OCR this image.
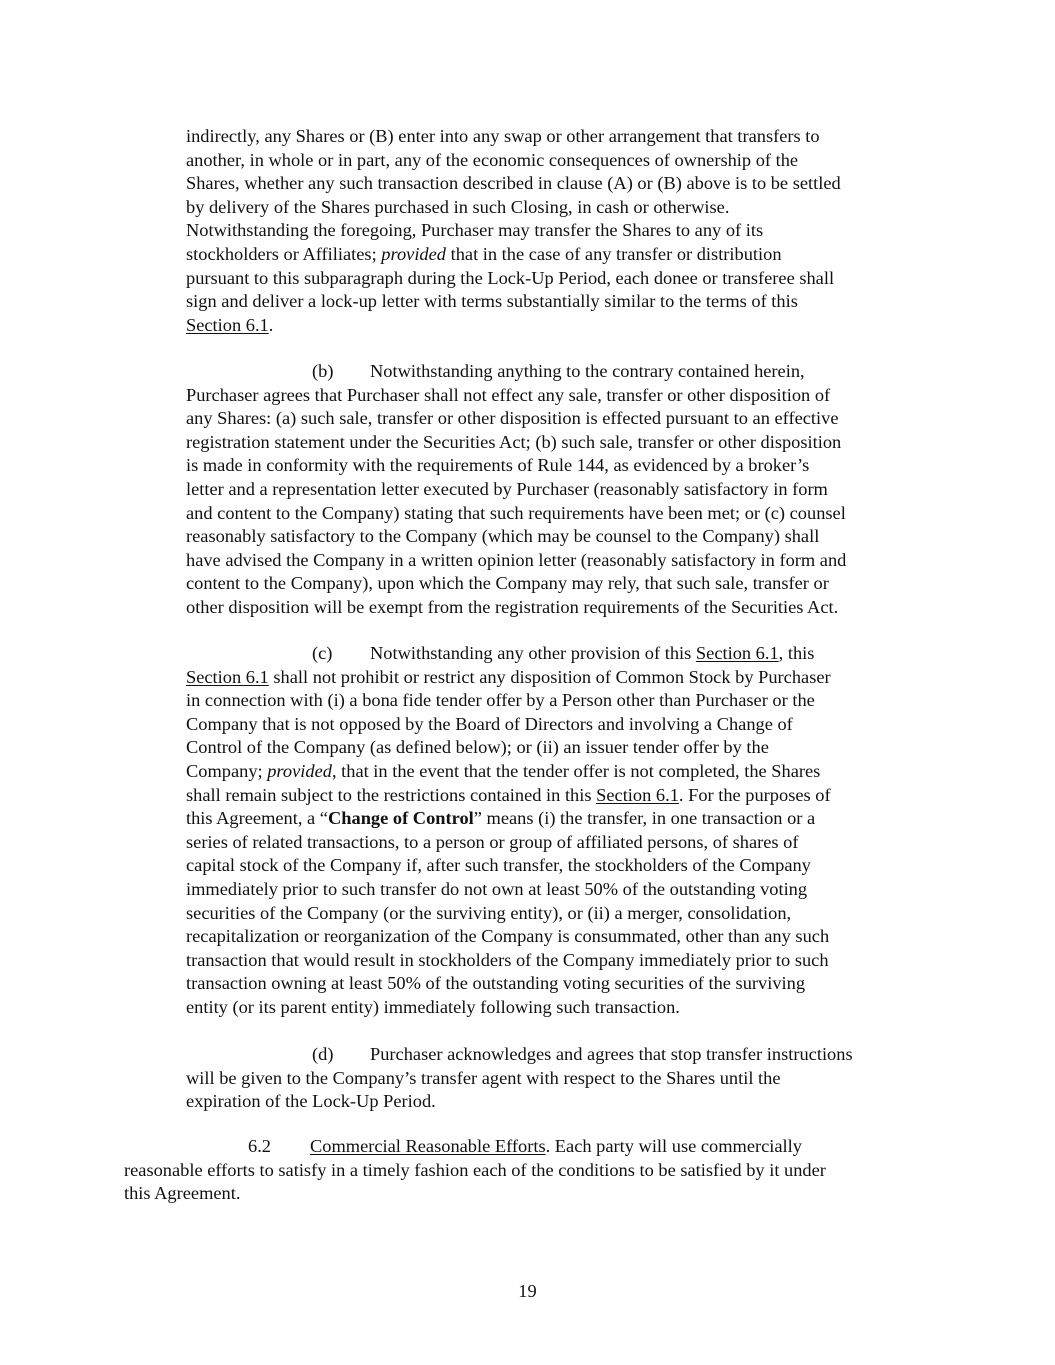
indirectly, any Shares or (B) enter into any swap or other arrangement that transfers to
another, in whole or in part, any of the economic consequences of ownership of the
Shares, whether any such transaction described in clause (A) or (B) above is to be settled
by delivery of the Shares purchased in such Closing, in cash or otherwise.
Notwithstanding the foregoing, Purchaser may transfer the Shares to any of its
stockholders or Affiliates; provided that in the case of any transfer or distribution
pursuant to this subparagraph during the Lock-Up Period, each donee or transferee shall
sign and deliver a lock-up letter with terms substantially similar to the terms of this
Section 6.1.
(b) Notwithstanding anything to the contrary contained herein,
Purchaser agrees that Purchaser shall not effect any sale, transfer or other disposition of
any Shares: (a) such sale, transfer or other disposition is effected pursuant to an effective
registration statement under the Securities Act; (b) such sale, transfer or other disposition
is made in conformity with the requirements of Rule 144, as evidenced by a broker’s
letter and a representation letter executed by Purchaser (reasonably satisfactory in form
and content to the Company) stating that such requirements have been met; or (c) counsel
reasonably satisfactory to the Company (which may be counsel to the Company) shall
have advised the Company in a written opinion letter (reasonably satisfactory in form and
content to the Company), upon which the Company may rely, that such sale, transfer or
other disposition will be exempt from the registration requirements of the Securities Act.
(c) Notwithstanding any other provision of this Section 6.1, this
Section 6.1 shall not prohibit or restrict any disposition of Common Stock by Purchaser
in connection with (i) a bona fide tender offer by a Person other than Purchaser or the
Company that is not opposed by the Board of Directors and involving a Change of
Control of the Company (as defined below); or (ii) an issuer tender offer by the
Company; provided, that in the event that the tender offer is not completed, the Shares
shall remain subject to the restrictions contained in this Section 6.1. For the purposes of
this Agreement, a “Change of Control” means (i) the transfer, in one transaction or a
series of related transactions, to a person or group of affiliated persons, of shares of
capital stock of the Company if, after such transfer, the stockholders of the Company
immediately prior to such transfer do not own at least 50% of the outstanding voting
securities of the Company (or the surviving entity), or (ii) a merger, consolidation,
recapitalization or reorganization of the Company is consummated, other than any such
transaction that would result in stockholders of the Company immediately prior to such
transaction owning at least 50% of the outstanding voting securities of the surviving
entity (or its parent entity) immediately following such transaction.
(d) Purchaser acknowledges and agrees that stop transfer instructions
will be given to the Company’s transfer agent with respect to the Shares until the
expiration of the Lock-Up Period.
6.2 Commercial Reasonable Efforts. Each party will use commercially
reasonable efforts to satisfy in a timely fashion each of the conditions to be satisfied by it under
this Agreement.
19
